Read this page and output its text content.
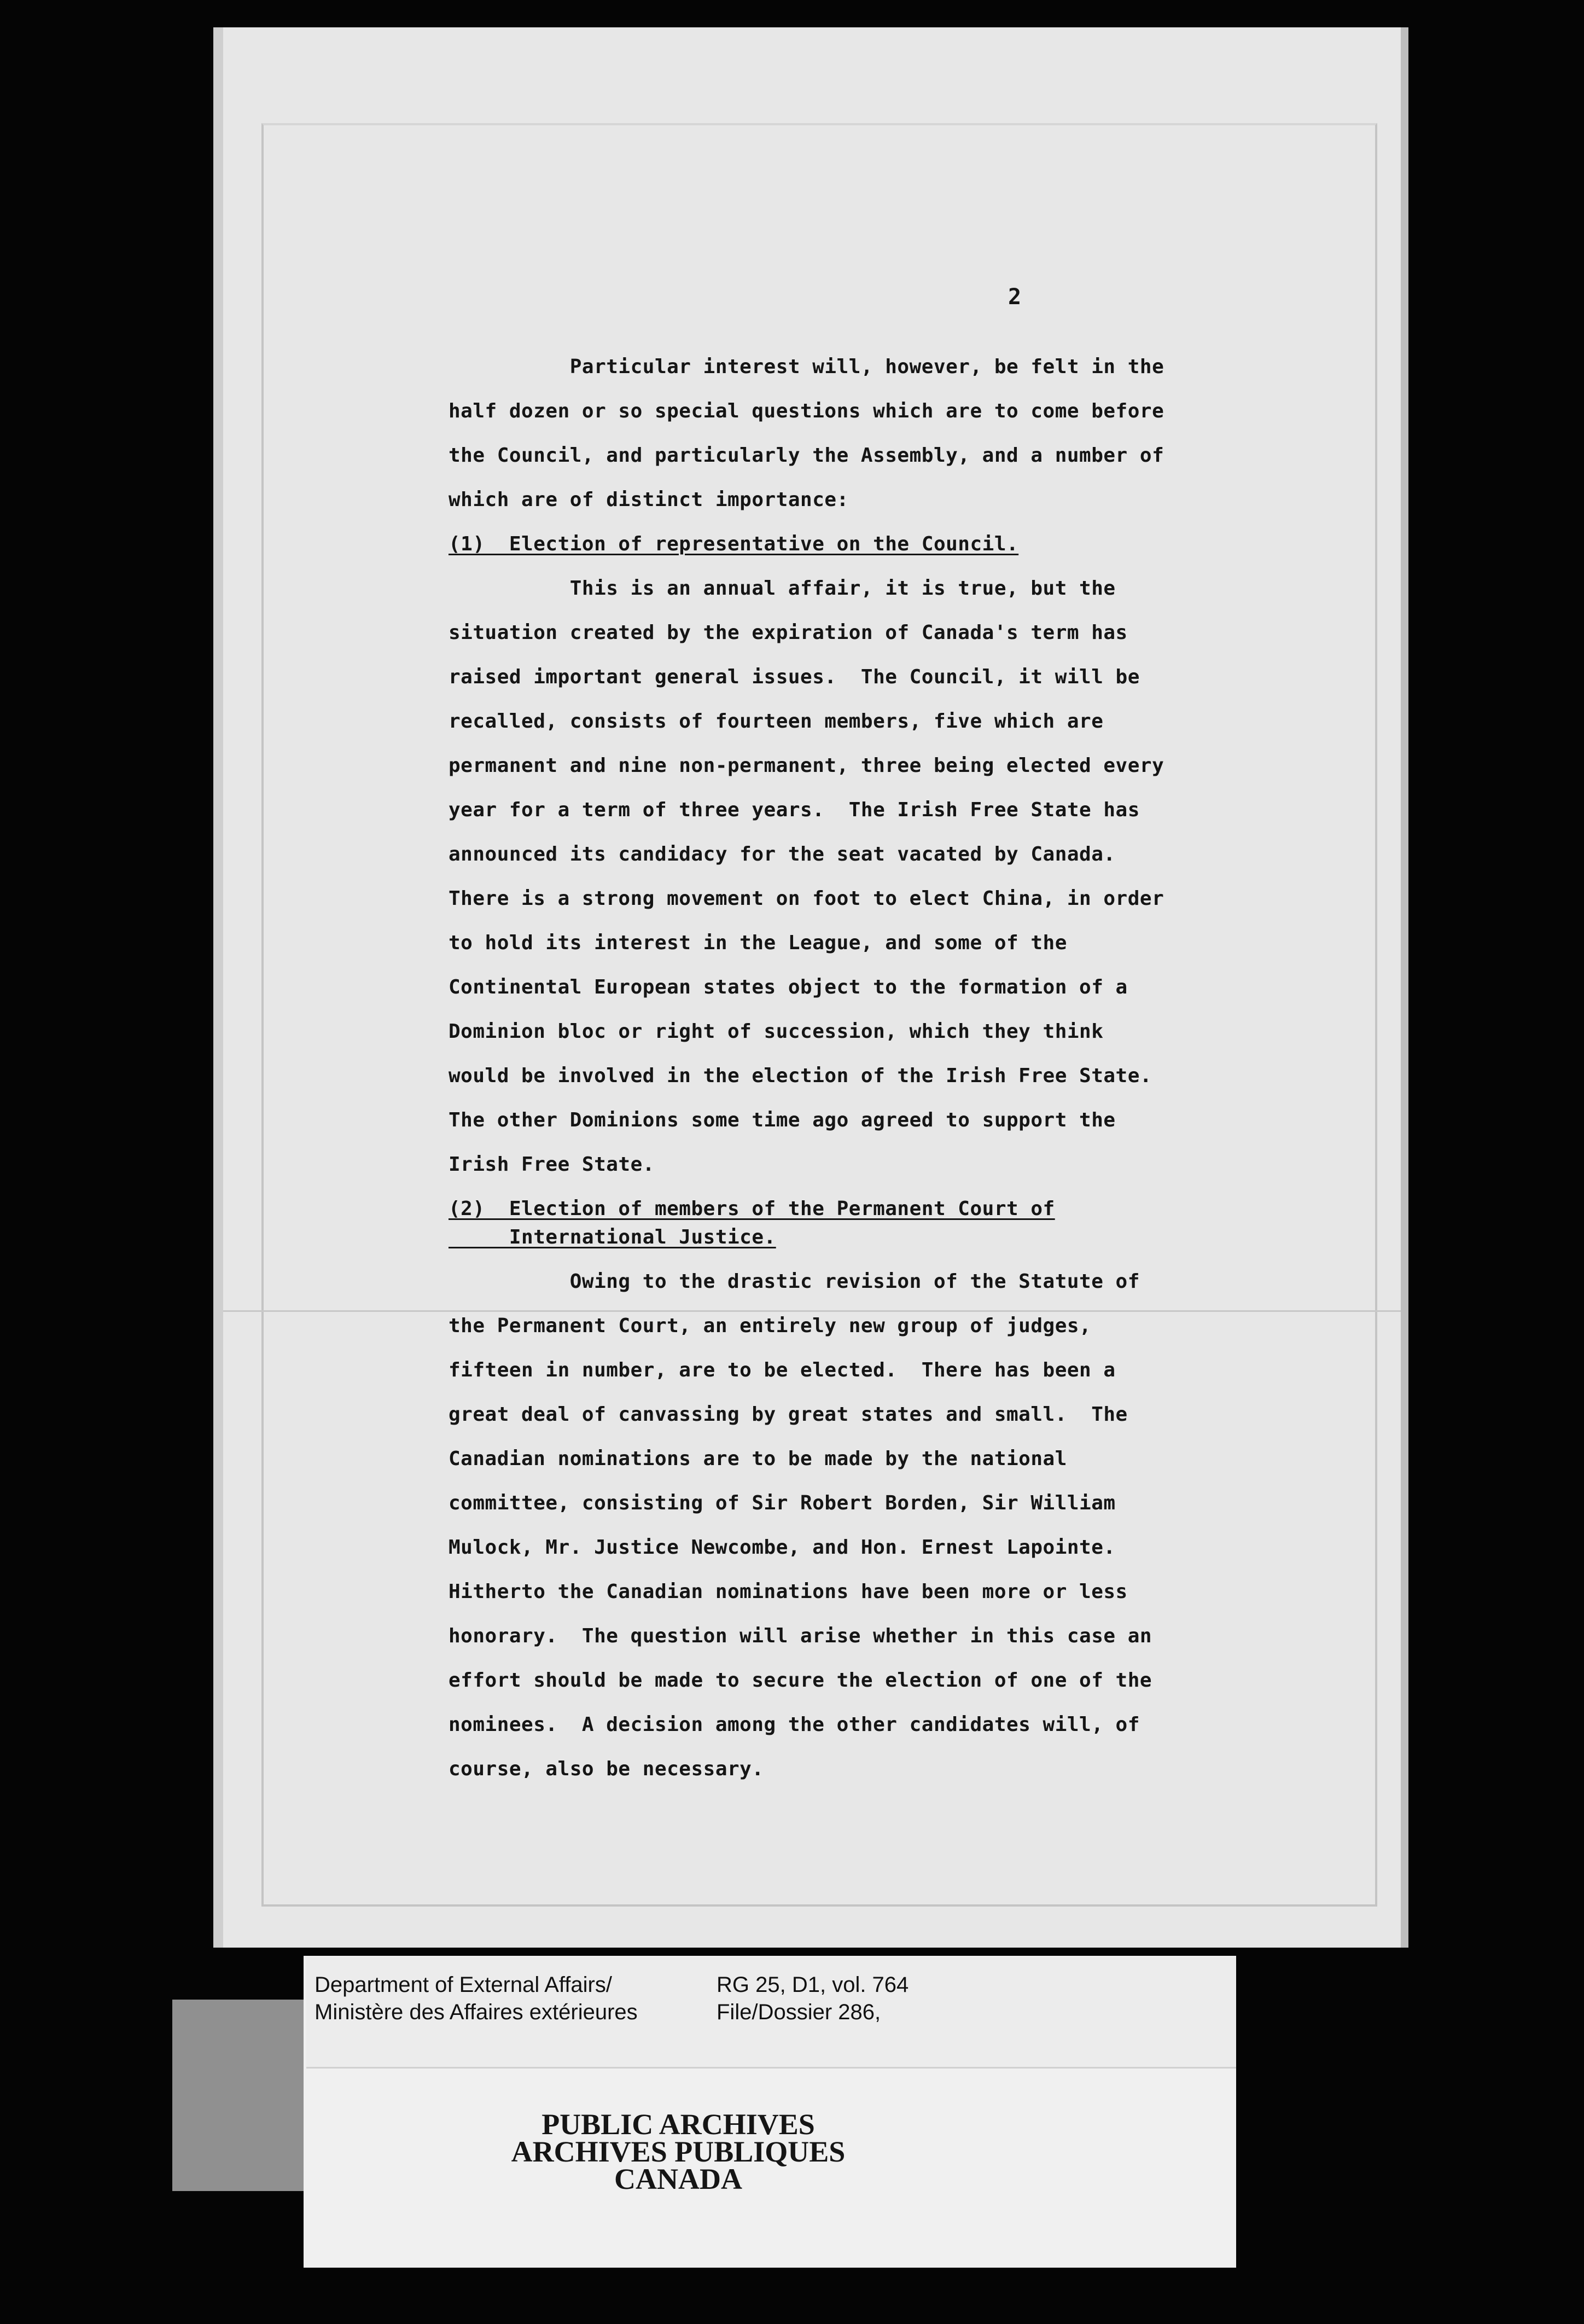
2

Particular interest will, however, be felt in the

half dozen or so special questions which are to come before

the Council, and particularly the Assembly, and a number of

which are of distinct importance:

(1)  Election of representative on the Council.

This is an annual affair, it is true, but the

situation created by the expiration of Canada's term has

raised important general issues.  The Council, it will be

recalled, consists of fourteen members, five which are

permanent and nine non-permanent, three being elected every

year for a term of three years.  The Irish Free State has

announced its candidacy for the seat vacated by Canada.

There is a strong movement on foot to elect China, in order

to hold its interest in the League, and some of the

Continental European states object to the formation of a

Dominion bloc or right of succession, which they think

would be involved in the election of the Irish Free State.

The other Dominions some time ago agreed to support the

Irish Free State.

(2)  Election of members of the Permanent Court of

International Justice.

Owing to the drastic revision of the Statute of

the Permanent Court, an entirely new group of judges,

fifteen in number, are to be elected.  There has been a

great deal of canvassing by great states and small.  The

Canadian nominations are to be made by the national

committee, consisting of Sir Robert Borden, Sir William

Mulock, Mr. Justice Newcombe, and Hon. Ernest Lapointe.

Hitherto the Canadian nominations have been more or less

honorary.  The question will arise whether in this case an

effort should be made to secure the election of one of the

nominees.  A decision among the other candidates will, of

course, also be necessary.

Department of External Affairs/

Ministère des Affaires extérieures

RG 25, D1, vol. 764

File/Dossier 286,

PUBLIC ARCHIVES

ARCHIVES PUBLIQUES

CANADA
